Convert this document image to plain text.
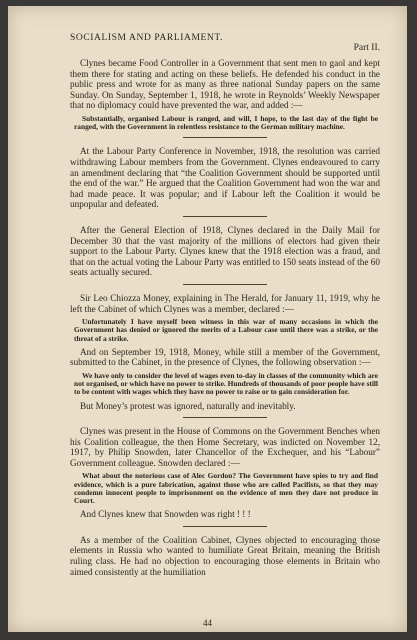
SOCIALISM AND PARLIAMENT.
Part II.

Clynes became Food Controller in a Government that sent men to gaol and kept them there for stating and acting on these beliefs. He defended his conduct in the public press and wrote for as many as three national Sunday papers on the same Sunday. On Sunday, September 1, 1918, he wrote in Reynolds’ Weekly Newspaper that no diplomacy could have prevented the war, and added :—

Substantially, organised Labour is ranged, and will, I hope, to the last day of the fight be ranged, with the Government in relentless resistance to the German military machine.

At the Labour Party Conference in November, 1918, the resolution was carried withdrawing Labour members from the Government. Clynes endeavoured to carry an amendment declaring that “the Coalition Government should be supported until the end of the war.” He argued that the Coalition Government had won the war and had made peace. It was popular; and if Labour left the Coalition it would be unpopular and defeated.

After the General Election of 1918, Clynes declared in the Daily Mail for December 30 that the vast majority of the millions of electors had given their support to the Labour Party. Clynes knew that the 1918 election was a fraud, and that on the actual voting the Labour Party was entitled to 150 seats instead of the 60 seats actually secured.

Sir Leo Chiozza Money, explaining in The Herald, for January 11, 1919, why he left the Cabinet of which Clynes was a member, declared :—

Unfortunately I have myself been witness in this war of many occasions in which the Government has denied or ignored the merits of a Labour case until there was a strike, or the threat of a strike.

And on September 19, 1918, Money, while still a member of the Government, submitted to the Cabinet, in the presence of Clynes, the following observation :—

We have only to consider the level of wages even to-day in classes of the community which are not organised, or which have no power to strike. Hundreds of thousands of poor people have still to be content with wages which they have no power to raise or to gain consideration for.

But Money’s protest was ignored, naturally and inevitably.

Clynes was present in the House of Commons on the Government Benches when his Coalition colleague, the then Home Secretary, was indicted on November 12, 1917, by Philip Snowden, later Chancellor of the Exchequer, and his “Labour” Government colleague. Snowden declared :—

What about the notorious case of Alec Gordon? The Government have spies to try and find evidence, which is a pure fabrication, against those who are called Pacifists, so that they may condemn innocent people to imprisonment on the evidence of men they dare not produce in Court.

And Clynes knew that Snowden was right ! ! !

As a member of the Coalition Cabinet, Clynes objected to encouraging those elements in Russia who wanted to humiliate Great Britain, meaning the British ruling class. He had no objection to encouraging those elements in Britain who aimed consistently at the humiliation

44
